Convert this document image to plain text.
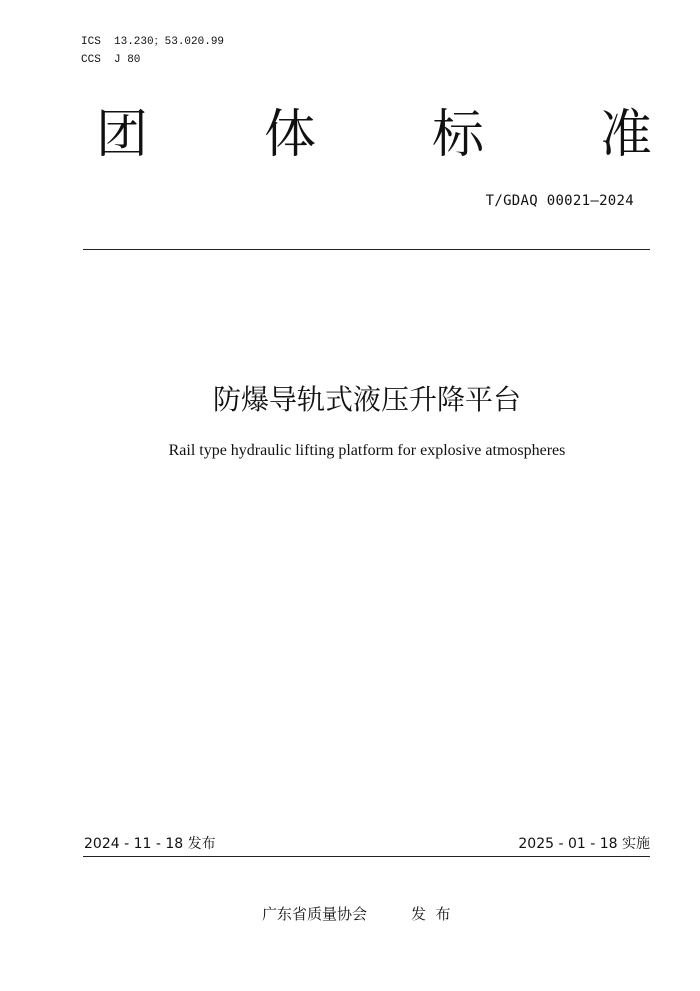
ICS  13.230；53.020.99
CCS  J 80
团 体 标 准
T/GDAQ 00021—2024
防爆导轨式液压升降平台
Rail type hydraulic lifting platform for explosive atmospheres
2024 - 11 - 18 发布	2025 - 01 - 18 实施
广东省质量协会	发  布
